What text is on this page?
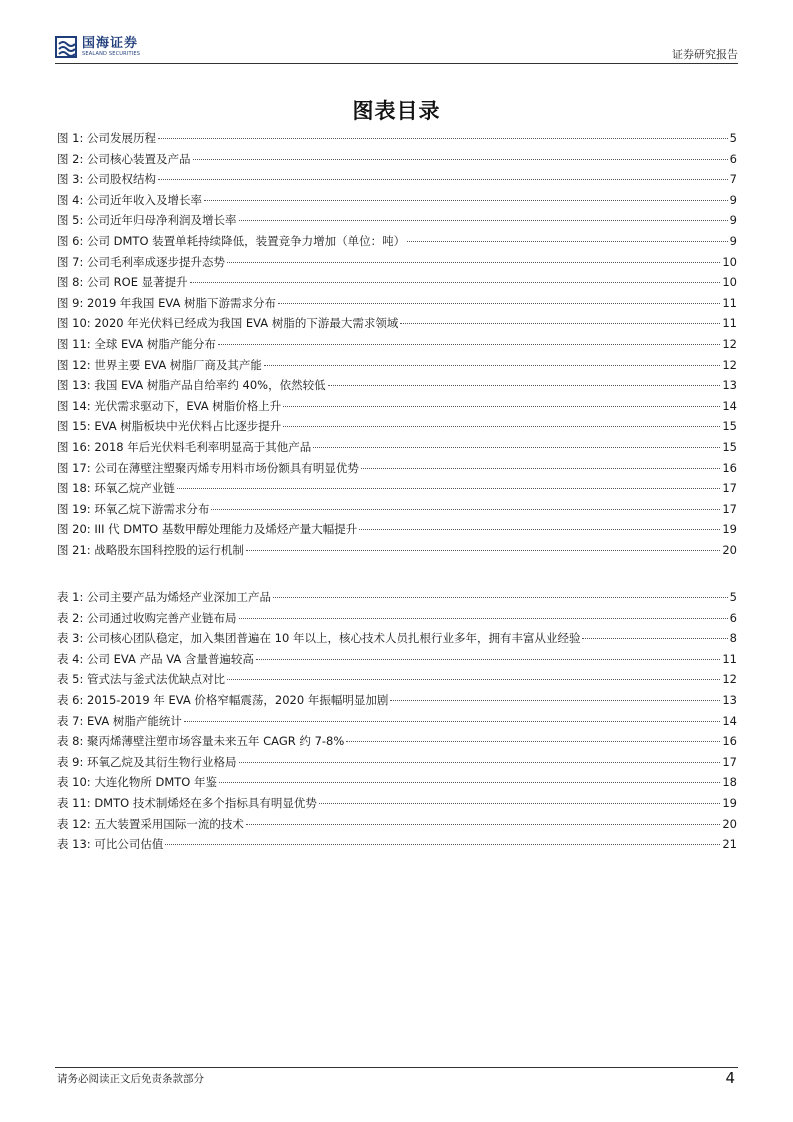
国海证券
SEALAND SECURITIES	证券研究报告
图表目录
图 1: 公司发展历程	5
图 2: 公司核心装置及产品	6
图 3: 公司股权结构	7
图 4: 公司近年收入及增长率	9
图 5: 公司近年归母净利润及增长率	9
图 6: 公司 DMTO 装置单耗持续降低，装置竞争力增加（单位：吨）	9
图 7: 公司毛利率成逐步提升态势	10
图 8: 公司 ROE 显著提升	10
图 9: 2019 年我国 EVA 树脂下游需求分布	11
图 10: 2020 年光伏料已经成为我国 EVA 树脂的下游最大需求领域	11
图 11: 全球 EVA 树脂产能分布	12
图 12: 世界主要 EVA 树脂厂商及其产能	12
图 13: 我国 EVA 树脂产品自给率约 40%，依然较低	13
图 14: 光伏需求驱动下，EVA 树脂价格上升	14
图 15: EVA 树脂板块中光伏料占比逐步提升	15
图 16: 2018 年后光伏料毛利率明显高于其他产品	15
图 17: 公司在薄壁注塑聚丙烯专用料市场份额具有明显优势	16
图 18: 环氧乙烷产业链	17
图 19: 环氧乙烷下游需求分布	17
图 20: III 代 DMTO 基数甲醇处理能力及烯烃产量大幅提升	19
图 21: 战略股东国科控股的运行机制	20
表 1: 公司主要产品为烯烃产业深加工产品	5
表 2: 公司通过收购完善产业链布局	6
表 3: 公司核心团队稳定，加入集团普遍在 10 年以上，核心技术人员扎根行业多年，拥有丰富从业经验	8
表 4: 公司 EVA 产品 VA 含量普遍较高	11
表 5: 管式法与釜式法优缺点对比	12
表 6: 2015-2019 年 EVA 价格窄幅震荡，2020 年振幅明显加剧	13
表 7: EVA 树脂产能统计	14
表 8: 聚丙烯薄壁注塑市场容量未来五年 CAGR 约 7-8%	16
表 9: 环氧乙烷及其衍生物行业格局	17
表 10: 大连化物所 DMTO 年鉴	18
表 11: DMTO 技术制烯烃在多个指标具有明显优势	19
表 12: 五大装置采用国际一流的技术	20
表 13: 可比公司估值	21
请务必阅读正文后免责条款部分	4
